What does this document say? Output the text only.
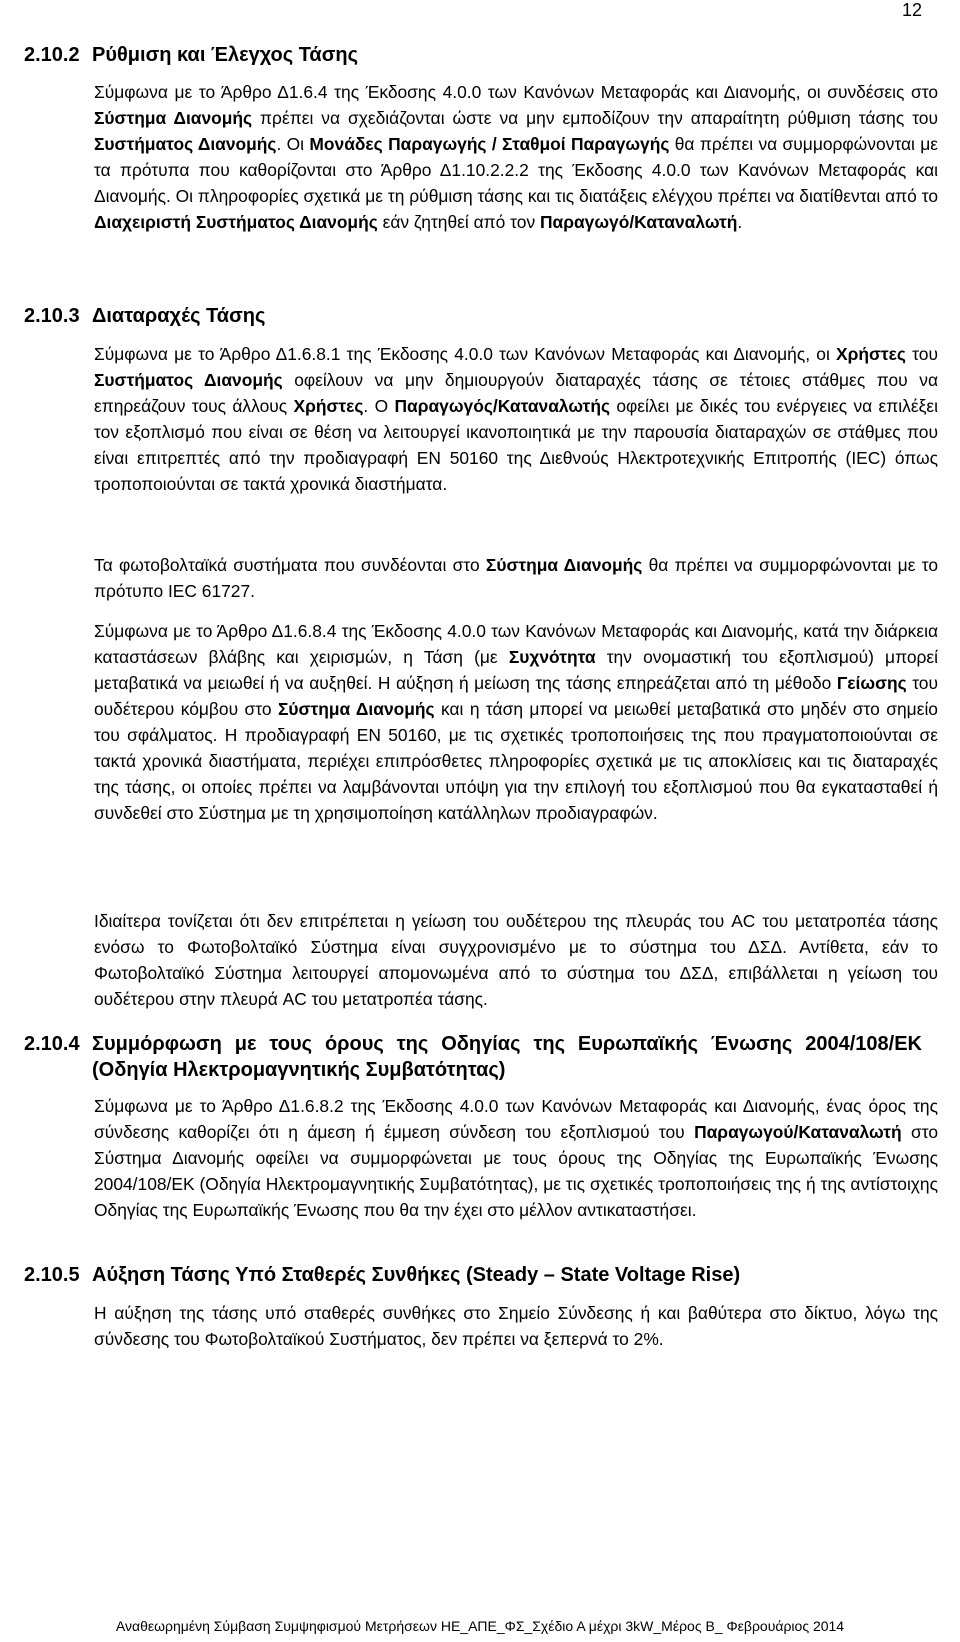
12
2.10.2 Ρύθμιση και Έλεγχος Τάσης

Σύμφωνα με το Άρθρο Δ1.6.4 της Έκδοσης 4.0.0 των Κανόνων Μεταφοράς και Διανομής, οι συνδέσεις στο Σύστημα Διανομής πρέπει να σχεδιάζονται ώστε να μην εμποδίζουν την απαραίτητη ρύθμιση τάσης του Συστήματος Διανομής. Οι Μονάδες Παραγωγής / Σταθμοί Παραγωγής θα πρέπει να συμμορφώνονται με τα πρότυπα που καθορίζονται στο Άρθρο Δ1.10.2.2.2 της Έκδοσης 4.0.0 των Κανόνων Μεταφοράς και Διανομής. Οι πληροφορίες σχετικά με τη ρύθμιση τάσης και τις διατάξεις ελέγχου πρέπει να διατίθενται από το Διαχειριστή Συστήματος Διανομής εάν ζητηθεί από τον Παραγωγό/Καταναλωτή.

2.10.3 Διαταραχές Τάσης

Σύμφωνα με το Άρθρο Δ1.6.8.1 της Έκδοσης 4.0.0 των Κανόνων Μεταφοράς και Διανομής, οι Χρήστες του Συστήματος Διανομής οφείλουν να μην δημιουργούν διαταραχές τάσης σε τέτοιες στάθμες που να επηρεάζουν τους άλλους Χρήστες. Ο Παραγωγός/Καταναλωτής οφείλει με δικές του ενέργειες να επιλέξει τον εξοπλισμό που είναι σε θέση να λειτουργεί ικανοποιητικά με την παρουσία διαταραχών σε στάθμες που είναι επιτρεπτές από την προδιαγραφή EN 50160 της Διεθνούς Ηλεκτροτεχνικής Επιτροπής (IEC) όπως τροποποιούνται σε τακτά χρονικά διαστήματα.

Τα φωτοβολταϊκά συστήματα που συνδέονται στο Σύστημα Διανομής θα πρέπει να συμμορφώνονται με το πρότυπο IEC 61727.

Σύμφωνα με το Άρθρο Δ1.6.8.4 της Έκδοσης 4.0.0 των Κανόνων Μεταφοράς και Διανομής, κατά την διάρκεια καταστάσεων βλάβης και χειρισμών, η Τάση (με Συχνότητα την ονομαστική του εξοπλισμού) μπορεί μεταβατικά να μειωθεί ή να αυξηθεί. Η αύξηση ή μείωση της τάσης επηρεάζεται από τη μέθοδο Γείωσης του ουδέτερου κόμβου στο Σύστημα Διανομής και η τάση μπορεί να μειωθεί μεταβατικά στο μηδέν στο σημείο του σφάλματος. Η προδιαγραφή EN 50160, με τις σχετικές τροποποιήσεις της που πραγματοποιούνται σε τακτά χρονικά διαστήματα, περιέχει επιπρόσθετες πληροφορίες σχετικά με τις αποκλίσεις και τις διαταραχές της τάσης, οι οποίες πρέπει να λαμβάνονται υπόψη για την επιλογή του εξοπλισμού που θα εγκατασταθεί ή συνδεθεί στο Σύστημα με τη χρησιμοποίηση κατάλληλων προδιαγραφών.

Ιδιαίτερα τονίζεται ότι δεν επιτρέπεται η γείωση του ουδέτερου της πλευράς του AC του μετατροπέα τάσης ενόσω το Φωτοβολταϊκό Σύστημα είναι συγχρονισμένο με το σύστημα του ΔΣΔ. Αντίθετα, εάν το Φωτοβολταϊκό Σύστημα λειτουργεί απομονωμένα από το σύστημα του ΔΣΔ, επιβάλλεται η γείωση του ουδέτερου στην πλευρά AC του μετατροπέα τάσης.

2.10.4 Συμμόρφωση με τους όρους της Οδηγίας της Ευρωπαϊκής Ένωσης 2004/108/ΕΚ (Οδηγία Ηλεκτρομαγνητικής Συμβατότητας)

Σύμφωνα με το Άρθρο Δ1.6.8.2 της Έκδοσης 4.0.0 των Κανόνων Μεταφοράς και Διανομής, ένας όρος της σύνδεσης καθορίζει ότι η άμεση ή έμμεση σύνδεση του εξοπλισμού του Παραγωγού/Καταναλωτή στο Σύστημα Διανομής οφείλει να συμμορφώνεται με τους όρους της Οδηγίας της Ευρωπαϊκής Ένωσης 2004/108/ΕΚ (Οδηγία Ηλεκτρομαγνητικής Συμβατότητας), με τις σχετικές τροποποιήσεις της ή της αντίστοιχης Οδηγίας της Ευρωπαϊκής Ένωσης που θα την έχει στο μέλλον αντικαταστήσει.

2.10.5 Αύξηση Τάσης Υπό Σταθερές Συνθήκες (Steady – State Voltage Rise)

Η αύξηση της τάσης υπό σταθερές συνθήκες στο Σημείο Σύνδεσης ή και βαθύτερα στο δίκτυο, λόγω της σύνδεσης του Φωτοβολταϊκού Συστήματος, δεν πρέπει να ξεπερνά το 2%.

Αναθεωρημένη Σύμβαση Συμψηφισμού Μετρήσεων ΗΕ_ΑΠΕ_ΦΣ_Σχέδιο Α μέχρι 3kW_Μέρος Β_ Φεβρουάριος 2014
